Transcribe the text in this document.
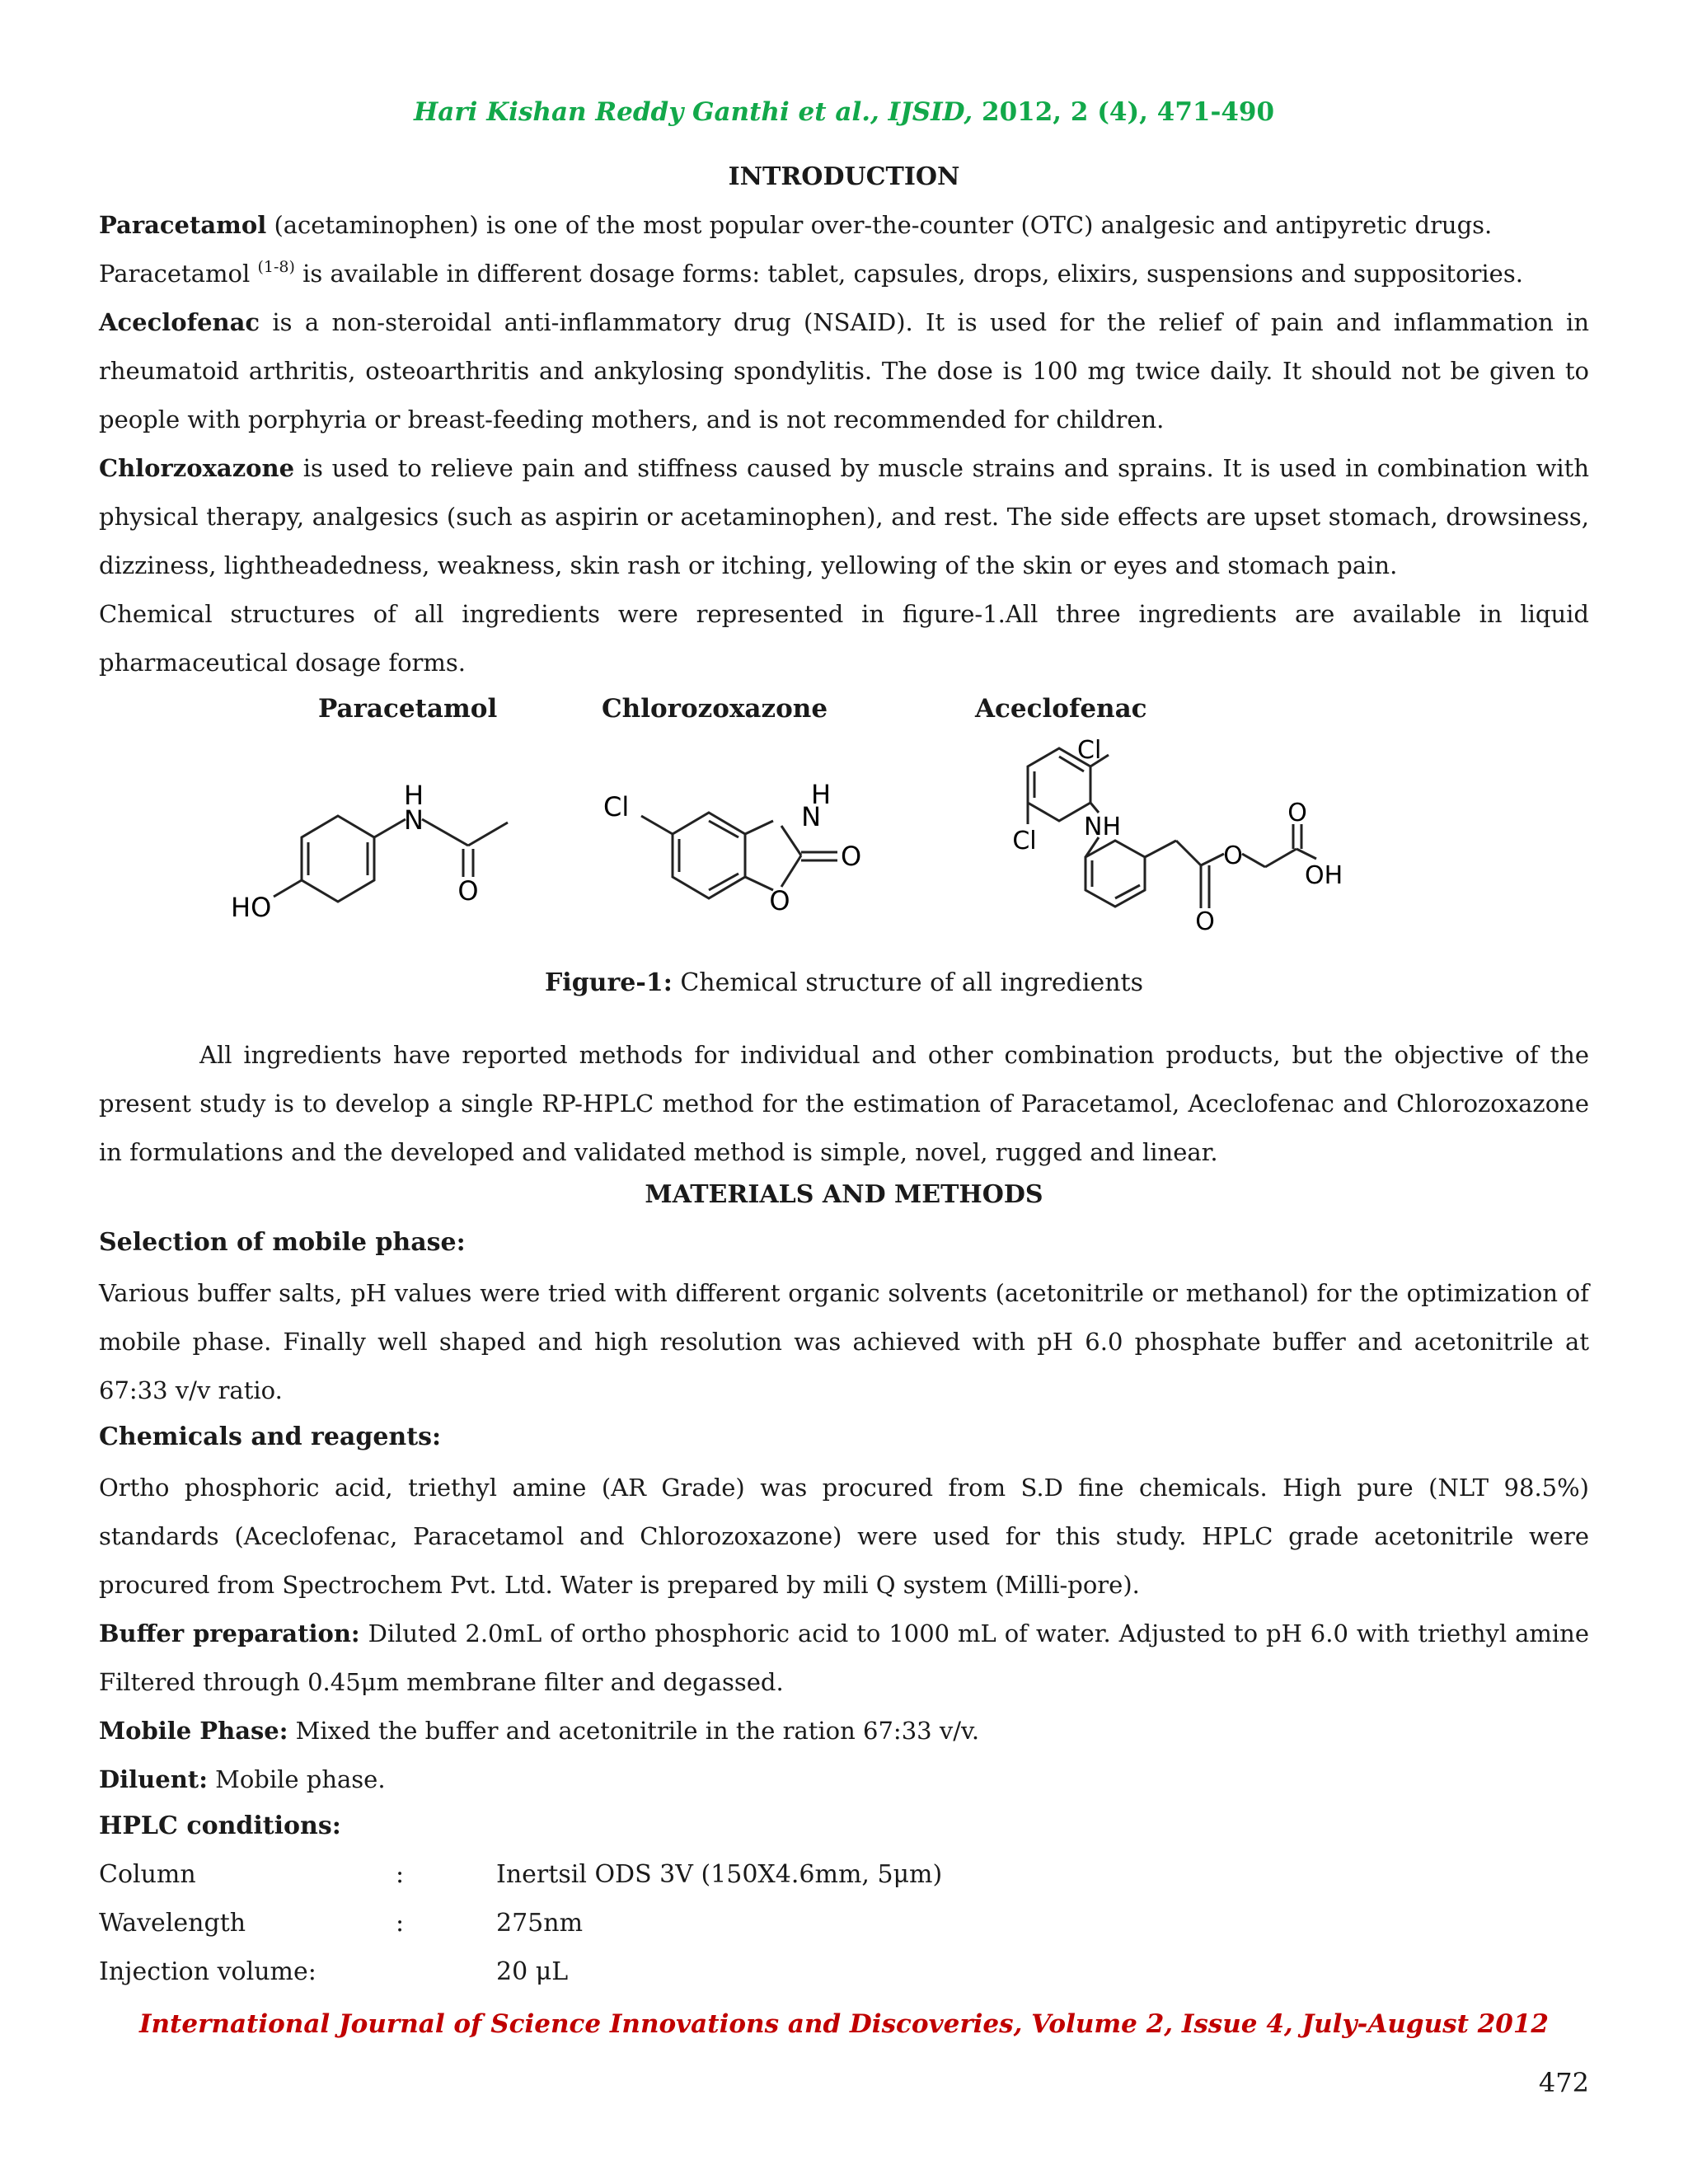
Hari Kishan Reddy Ganthi et al., IJSID, 2012, 2 (4), 471-490
INTRODUCTION

Paracetamol (acetaminophen) is one of the most popular over-the-counter (OTC) analgesic and antipyretic drugs.
Paracetamol $^{(1-8)}$ is available in different dosage forms: tablet, capsules, drops, elixirs, suspensions and suppositories.

Aceclofenac is a non-steroidal anti-inflammatory drug (NSAID). It is used for the relief of pain and inflammation in rheumatoid arthritis, osteoarthritis and ankylosing spondylitis. The dose is 100 mg twice daily. It should not be given to people with porphyria or breast-feeding mothers, and is not recommended for children.

Chlorzoxazone is used to relieve pain and stiffness caused by muscle strains and sprains. It is used in combination with physical therapy, analgesics (such as aspirin or acetaminophen), and rest. The side effects are upset stomach, drowsiness, dizziness, lightheadedness, weakness, skin rash or itching, yellowing of the skin or eyes and stomach pain.

Chemical structures of all ingredients were represented in figure-1.All three ingredients are available in liquid pharmaceutical dosage forms.

Paracetamol	Chlorozoxazone	Aceclofenac
H
N
O
HO
H
N
O
O
Cl
Cl
NH
Cl
O
O
O
OH
Figure-1: Chemical structure of all ingredients

All ingredients have reported methods for individual and other combination products, but the objective of the present study is to develop a single RP-HPLC method for the estimation of Paracetamol, Aceclofenac and Chlorozoxazone in formulations and the developed and validated method is simple, novel, rugged and linear.

MATERIALS AND METHODS
Selection of mobile phase:

Various buffer salts, pH values were tried with different organic solvents (acetonitrile or methanol) for the optimization of mobile phase. Finally well shaped and high resolution was achieved with pH 6.0 phosphate buffer and acetonitrile at 67:33 v/v ratio.

Chemicals and reagents:

Ortho phosphoric acid, triethyl amine (AR Grade) was procured from S.D fine chemicals. High pure (NLT 98.5%) standards (Aceclofenac, Paracetamol and Chlorozoxazone) were used for this study. HPLC grade acetonitrile were procured from Spectrochem Pvt. Ltd. Water is prepared by mili Q system (Milli-pore).

Buffer preparation: Diluted 2.0mL of ortho phosphoric acid to 1000 mL of water. Adjusted to pH 6.0 with triethyl amine Filtered through 0.45μm membrane filter and degassed.

Mobile Phase: Mixed the buffer and acetonitrile in the ration 67:33 v/v.

Diluent: Mobile phase.

HPLC conditions:
Column	:	Inertsil ODS 3V (150X4.6mm, 5μm)
Wavelength	:	275nm
Injection volume:	20 μL
International Journal of Science Innovations and Discoveries, Volume 2, Issue 4, July-August 2012
472
